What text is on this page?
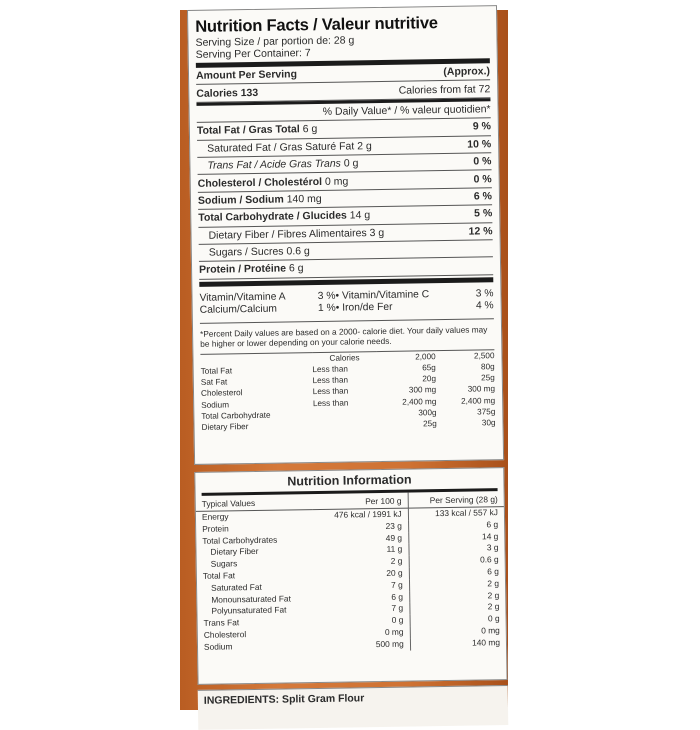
Nutrition Facts / Valeur nutritive
Serving Size / par portion de: 28 g
Serving Per Container: 7
Amount Per Serving	(Approx.)
Calories 133	Calories from fat 72
% Daily Value* / % valeur quotidien*
Total Fat / Gras Total 6 g	9 %
Saturated Fat / Gras Saturé Fat 2 g	10 %
Trans Fat / Acide Gras Trans 0 g	0 %
Cholesterol / Cholestérol 0 mg	0 %
Sodium / Sodium 140 mg	6 %
Total Carbohydrate / Glucides 14 g	5 %
Dietary Fiber / Fibres Alimentaires 3 g	12 %
Sugars / Sucres 0.6 g
Protein / Protéine 6 g
Vitamin/Vitamine A	3 % • Vitamin/Vitamine C	3 %
Calcium/Calcium	1 % • Iron/de Fer	4 %
*Percent Daily values are based on a 2000- calorie diet. Your daily values may be higher or lower depending on your calorie needs.
	Calories	2,000	2,500
Total Fat	Less than	65g	80g
Sat Fat	Less than	20g	25g
Cholesterol	Less than	300 mg	300 mg
Sodium	Less than	2,400 mg	2,400 mg
Total Carbohydrate		300g	375g
Dietary Fiber		25g	30g
Nutrition Information
Typical Values	Per 100 g	Per Serving (28 g)
Energy	476 kcal / 1991 kJ	133 kcal / 557 kJ
Protein	23 g	6 g
Total Carbohydrates	49 g	14 g
Dietary Fiber	11 g	3 g
Sugars	2 g	0.6 g
Total Fat	20 g	6 g
Saturated Fat	7 g	2 g
Monounsaturated Fat	6 g	2 g
Polyunsaturated Fat	7 g	2 g
Trans Fat	0 g	0 g
Cholesterol	0 mg	0 mg
Sodium	500 mg	140 mg
INGREDIENTS: Split Gram Flour
